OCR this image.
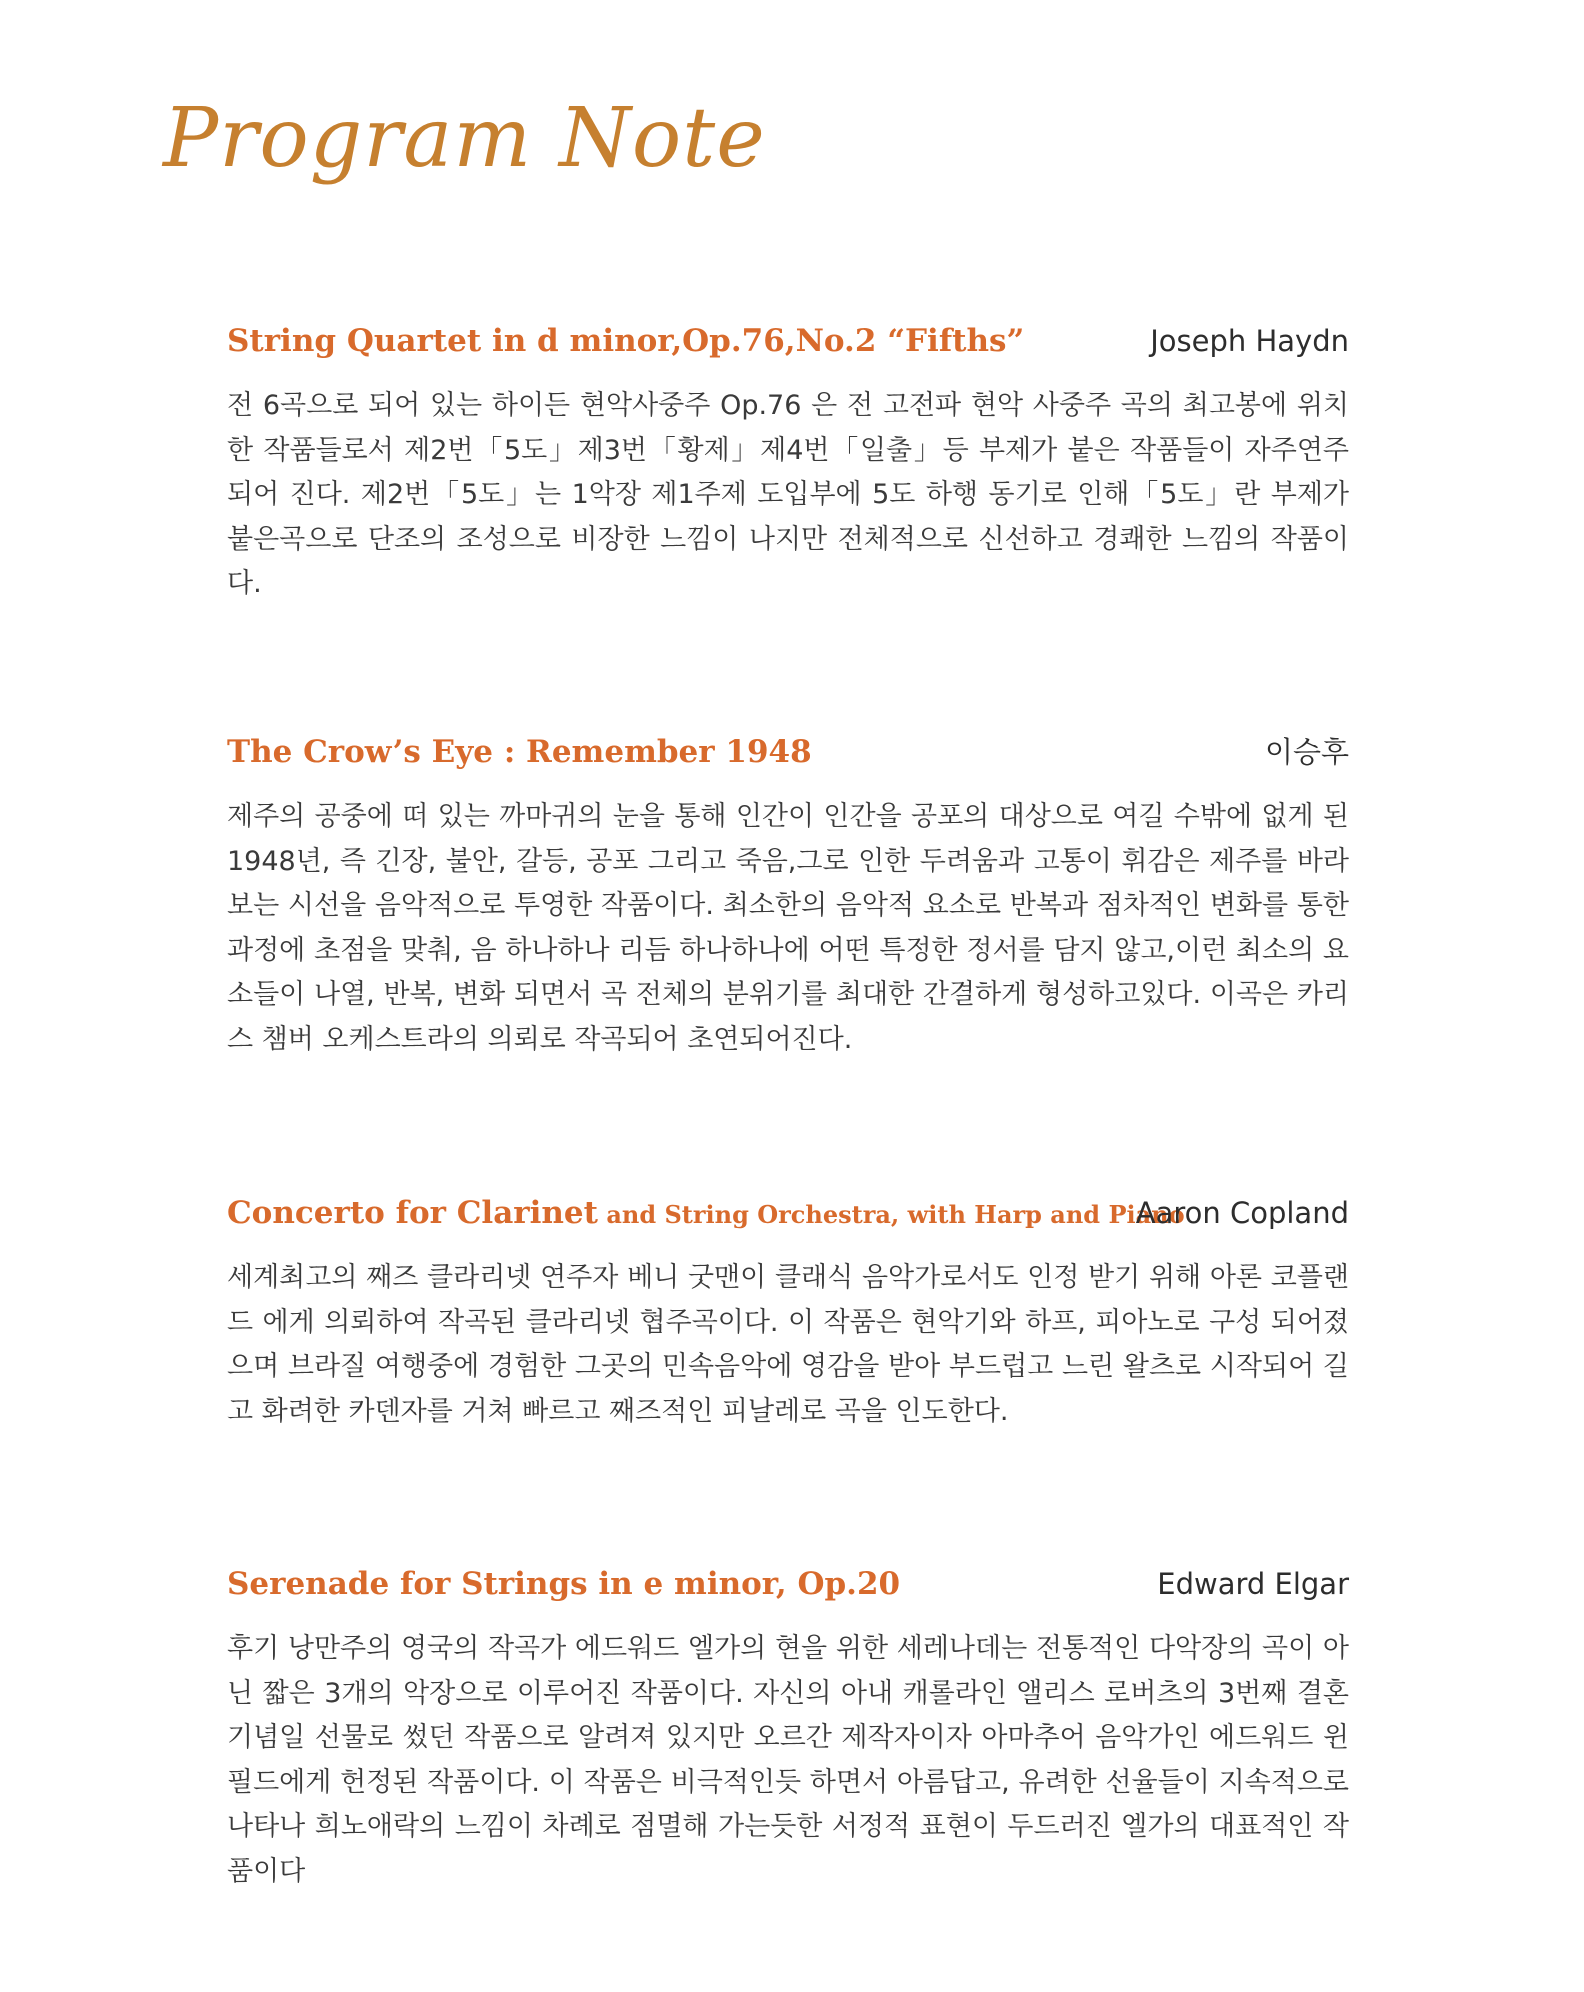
Program Note
String Quartet in d minor,Op.76,No.2 “Fifths”	Joseph Haydn

전 6곡으로 되어 있는 하이든 현악사중주 Op.76 은 전 고전파 현악 사중주 곡의 최고봉에 위치한 작품들로서 제2번「5도」제3번「황제」제4번「일출」등 부제가 붙은 작품들이 자주연주 되어 진다. 제2번「5도」는 1악장 제1주제 도입부에 5도 하행 동기로 인해「5도」란 부제가 붙은곡으로 단조의 조성으로 비장한 느낌이 나지만 전체적으로 신선하고 경쾌한 느낌의 작품이다.

The Crow’s Eye : Remember 1948	이승후

제주의 공중에 떠 있는 까마귀의 눈을 통해 인간이 인간을 공포의 대상으로 여길 수밖에 없게 된 1948년, 즉 긴장, 불안, 갈등, 공포 그리고 죽음,그로 인한 두려움과 고통이 휘감은 제주를 바라보는 시선을 음악적으로 투영한 작품이다. 최소한의 음악적 요소로 반복과 점차적인 변화를 통한 과정에 초점을 맞춰, 음 하나하나 리듬 하나하나에 어떤 특정한 정서를 담지 않고,이런 최소의 요소들이 나열, 반복, 변화 되면서 곡 전체의 분위기를 최대한 간결하게 형성하고있다. 이곡은 카리스 챔버 오케스트라의 의뢰로 작곡되어 초연되어진다.

Concerto for Clarinet and String Orchestra, with Harp and Piano
Aaron Copland

세계최고의 째즈 클라리넷 연주자 베니 굿맨이 클래식 음악가로서도 인정 받기 위해 아론 코플랜드 에게 의뢰하여 작곡된 클라리넷 협주곡이다. 이 작품은 현악기와 하프, 피아노로 구성 되어졌으며 브라질 여행중에 경험한 그곳의 민속음악에 영감을 받아 부드럽고 느린 왈츠로 시작되어 길고 화려한 카덴자를 거쳐 빠르고 째즈적인 피날레로 곡을 인도한다.

Serenade for Strings in e minor, Op.20	Edward Elgar

후기 낭만주의 영국의 작곡가 에드워드 엘가의 현을 위한 세레나데는 전통적인 다악장의 곡이 아닌 짧은 3개의 악장으로 이루어진 작품이다. 자신의 아내 캐롤라인 앨리스 로버츠의 3번째 결혼기념일 선물로 썼던 작품으로 알려져 있지만 오르간 제작자이자 아마추어 음악가인 에드워드 윈필드에게 헌정된 작품이다. 이 작품은 비극적인듯 하면서 아름답고, 유려한 선율들이 지속적으로 나타나 희노애락의 느낌이 차례로 점멸해 가는듯한 서정적 표현이 두드러진 엘가의 대표적인 작품이다
